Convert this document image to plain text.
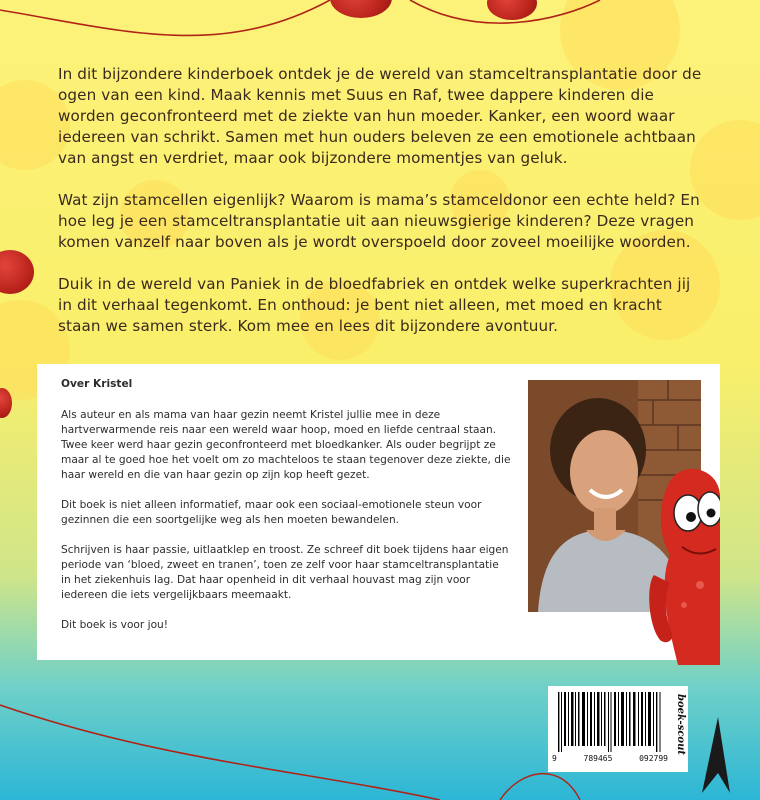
In dit bijzondere kinderboek ontdek je de wereld van stamceltransplantatie door de ogen van een kind. Maak kennis met Suus en Raf, twee dappere kinderen die worden geconfronteerd met de ziekte van hun moeder. Kanker, een woord waar iedereen van schrikt. Samen met hun ouders beleven ze een emotionele achtbaan van angst en verdriet, maar ook bijzondere momentjes van geluk.

Wat zijn stamcellen eigenlijk? Waarom is mama’s stamceldonor een echte held? En hoe leg je een stamceltransplantatie uit aan nieuwsgierige kinderen? Deze vragen komen vanzelf naar boven als je wordt overspoeld door zoveel moeilijke woorden.

Duik in de wereld van Paniek in de bloedfabriek en ontdek welke superkrachten jij in dit verhaal tegenkomt. En onthoud: je bent niet alleen, met moed en kracht staan we samen sterk. Kom mee en lees dit bijzondere avontuur.

Over Kristel

Als auteur en als mama van haar gezin neemt Kristel jullie mee in deze hartverwarmende reis naar een wereld waar hoop, moed en liefde centraal staan. Twee keer werd haar gezin geconfronteerd met bloedkanker. Als ouder begrijpt ze maar al te goed hoe het voelt om zo machteloos te staan tegenover deze ziekte, die haar wereld en die van haar gezin op zijn kop heeft gezet.

Dit boek is niet alleen informatief, maar ook een sociaal-emotionele steun voor gezinnen die een soortgelijke weg als hen moeten bewandelen.

Schrijven is haar passie, uitlaatklep en troost. Ze schreef dit boek tijdens haar eigen periode van ‘bloed, zweet en tranen’, toen ze zelf voor haar stamceltransplantatie in het ziekenhuis lag. Dat haar openheid in dit verhaal houvast mag zijn voor iedereen die iets vergelijkbaars meemaakt.

Dit boek is voor jou!

9	789465	092799
boek-scout
